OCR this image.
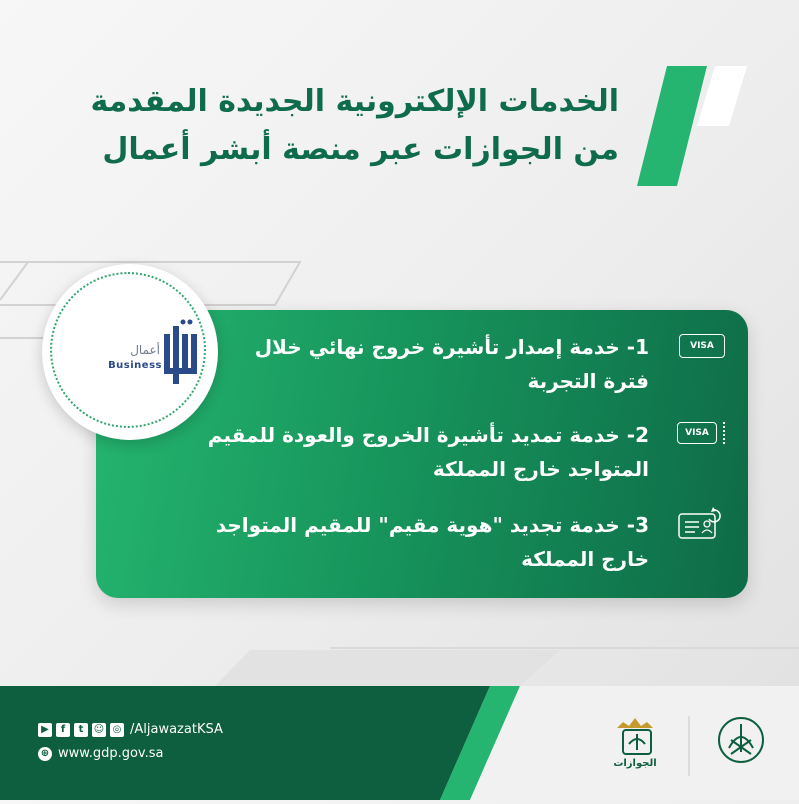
الخدمات الإلكترونية الجديدة المقدمة
من الجوازات عبر منصة أبشر أعمال
أعمال
Business
1- خدمة إصدار تأشيرة خروج نهائي خلال
فترة التجربة
VISA
2- خدمة تمديد تأشيرة الخروج والعودة للمقيم
المتواجد خارج المملكة
VISA
3- خدمة تجديد "هوية مقيم" للمقيم المتواجد
خارج المملكة
▶	f	t	☺ ◎ /AljawazatKSA
⊕ www.gdp.gov.sa
الجوازات
